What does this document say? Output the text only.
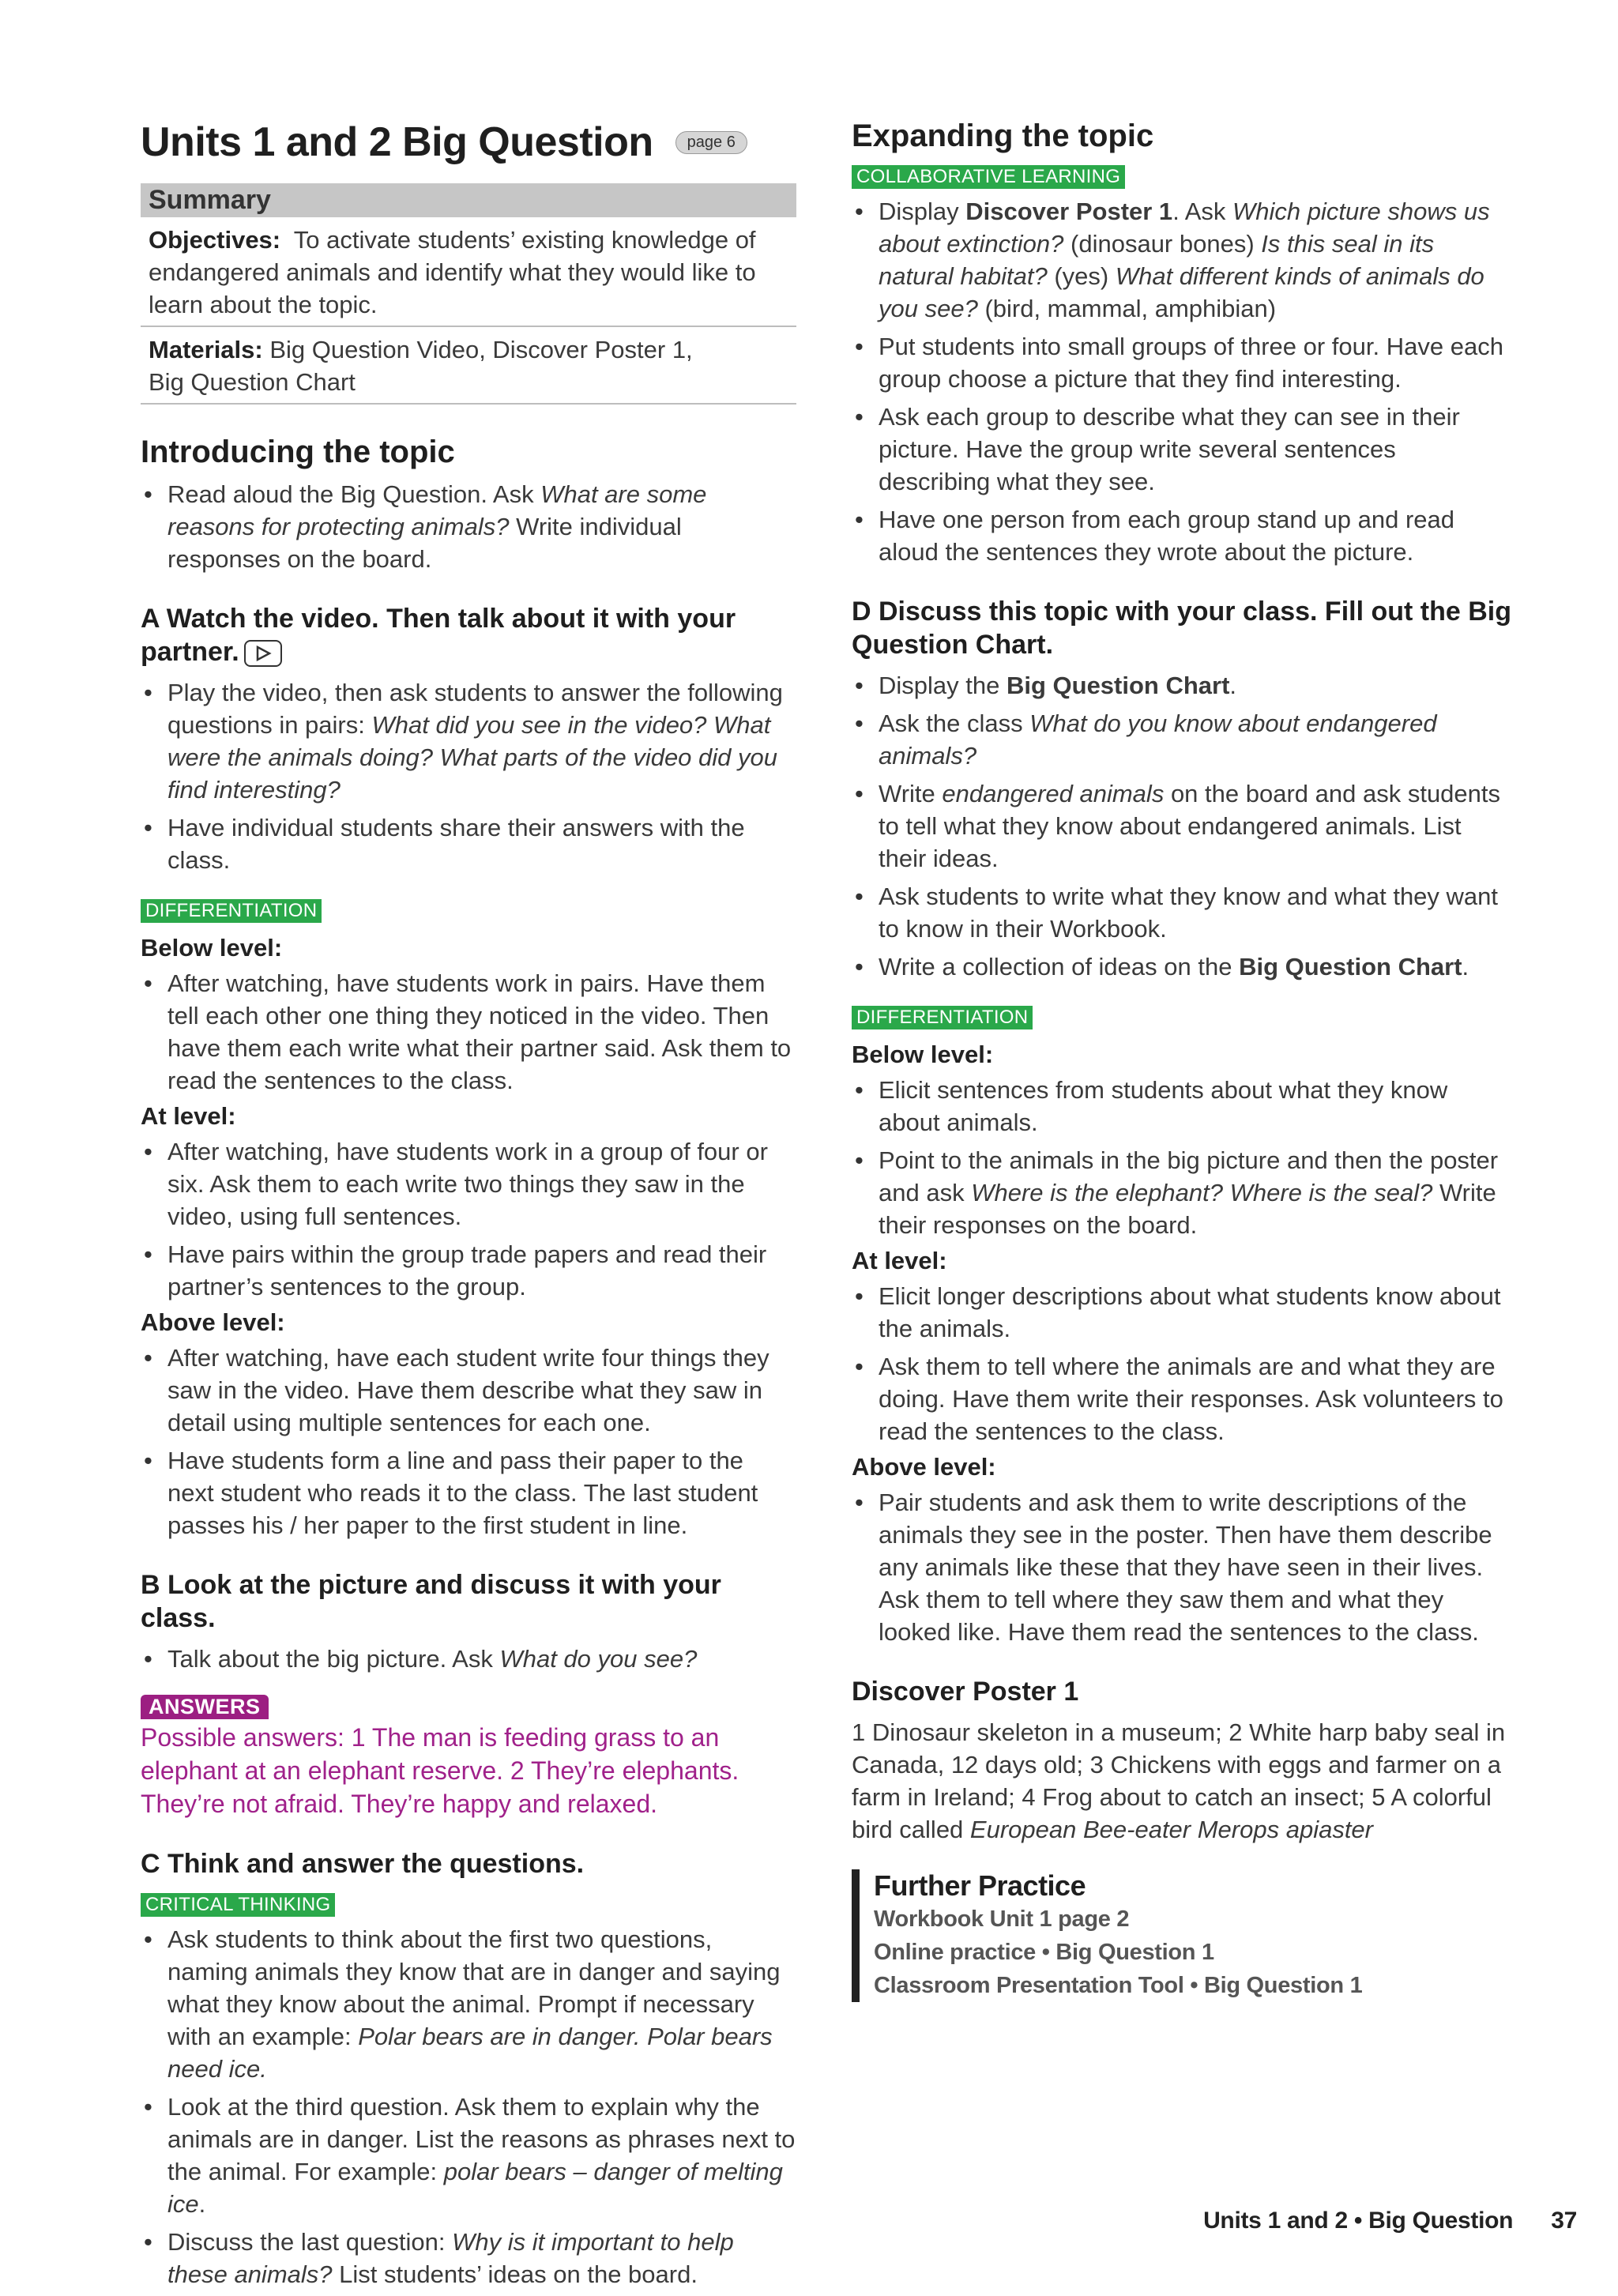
Units 1 and 2 Big Question	page 6
Summary
Objectives: To activate students’ existing knowledge of endangered animals and identify what they would like to learn about the topic.
Materials: Big Question Video, Discover Poster 1,
Big Question Chart
Introducing the topic
• Read aloud the Big Question. Ask What are some reasons for protecting animals? Write individual responses on the board.
A Watch the video. Then talk about it with your partner.
• Play the video, then ask students to answer the following questions in pairs: What did you see in the video? What were the animals doing? What parts of the video did you find interesting?
• Have individual students share their answers with the class.
DIFFERENTIATION
Below level:
• After watching, have students work in pairs. Have them tell each other one thing they noticed in the video. Then have them each write what their partner said. Ask them to read the sentences to the class.
At level:
• After watching, have students work in a group of four or six. Ask them to each write two things they saw in the video, using full sentences.
• Have pairs within the group trade papers and read their partner’s sentences to the group.
Above level:
• After watching, have each student write four things they saw in the video. Have them describe what they saw in detail using multiple sentences for each one.
• Have students form a line and pass their paper to the next student who reads it to the class. The last student passes his / her paper to the first student in line.
B Look at the picture and discuss it with your class.
• Talk about the big picture. Ask What do you see?
ANSWERS
Possible answers: 1 The man is feeding grass to an elephant at an elephant reserve. 2 They’re elephants. They’re not afraid. They’re happy and relaxed.
C Think and answer the questions.
CRITICAL THINKING
• Ask students to think about the first two questions, naming animals they know that are in danger and saying what they know about the animal. Prompt if necessary with an example: Polar bears are in danger. Polar bears need ice.
• Look at the third question. Ask them to explain why the animals are in danger. List the reasons as phrases next to the animal. For example: polar bears – danger of melting ice.
• Discuss the last question: Why is it important to help these animals? List students’ ideas on the board.
Expanding the topic
COLLABORATIVE LEARNING
• Display Discover Poster 1. Ask Which picture shows us about extinction? (dinosaur bones) Is this seal in its natural habitat? (yes) What different kinds of animals do you see? (bird, mammal, amphibian)
• Put students into small groups of three or four. Have each group choose a picture that they find interesting.
• Ask each group to describe what they can see in their picture. Have the group write several sentences describing what they see.
• Have one person from each group stand up and read aloud the sentences they wrote about the picture.
D Discuss this topic with your class. Fill out the Big Question Chart.
• Display the Big Question Chart.
• Ask the class What do you know about endangered animals?
• Write endangered animals on the board and ask students to tell what they know about endangered animals. List their ideas.
• Ask students to write what they know and what they want to know in their Workbook.
• Write a collection of ideas on the Big Question Chart.
DIFFERENTIATION
Below level:
• Elicit sentences from students about what they know about animals.
• Point to the animals in the big picture and then the poster and ask Where is the elephant? Where is the seal? Write their responses on the board.
At level:
• Elicit longer descriptions about what students know about the animals.
• Ask them to tell where the animals are and what they are doing. Have them write their responses. Ask volunteers to read the sentences to the class.
Above level:
• Pair students and ask them to write descriptions of the animals they see in the poster. Then have them describe any animals like these that they have seen in their lives. Ask them to tell where they saw them and what they looked like. Have them read the sentences to the class.
Discover Poster 1

1 Dinosaur skeleton in a museum; 2 White harp baby seal in Canada, 12 days old; 3 Chickens with eggs and farmer on a farm in Ireland; 4 Frog about to catch an insect; 5 A colorful bird called European Bee-eater Merops apiaster

Further Practice
Workbook Unit 1 page 2
Online practice • Big Question 1
Classroom Presentation Tool • Big Question 1
Units 1 and 2 • Big Question 37
